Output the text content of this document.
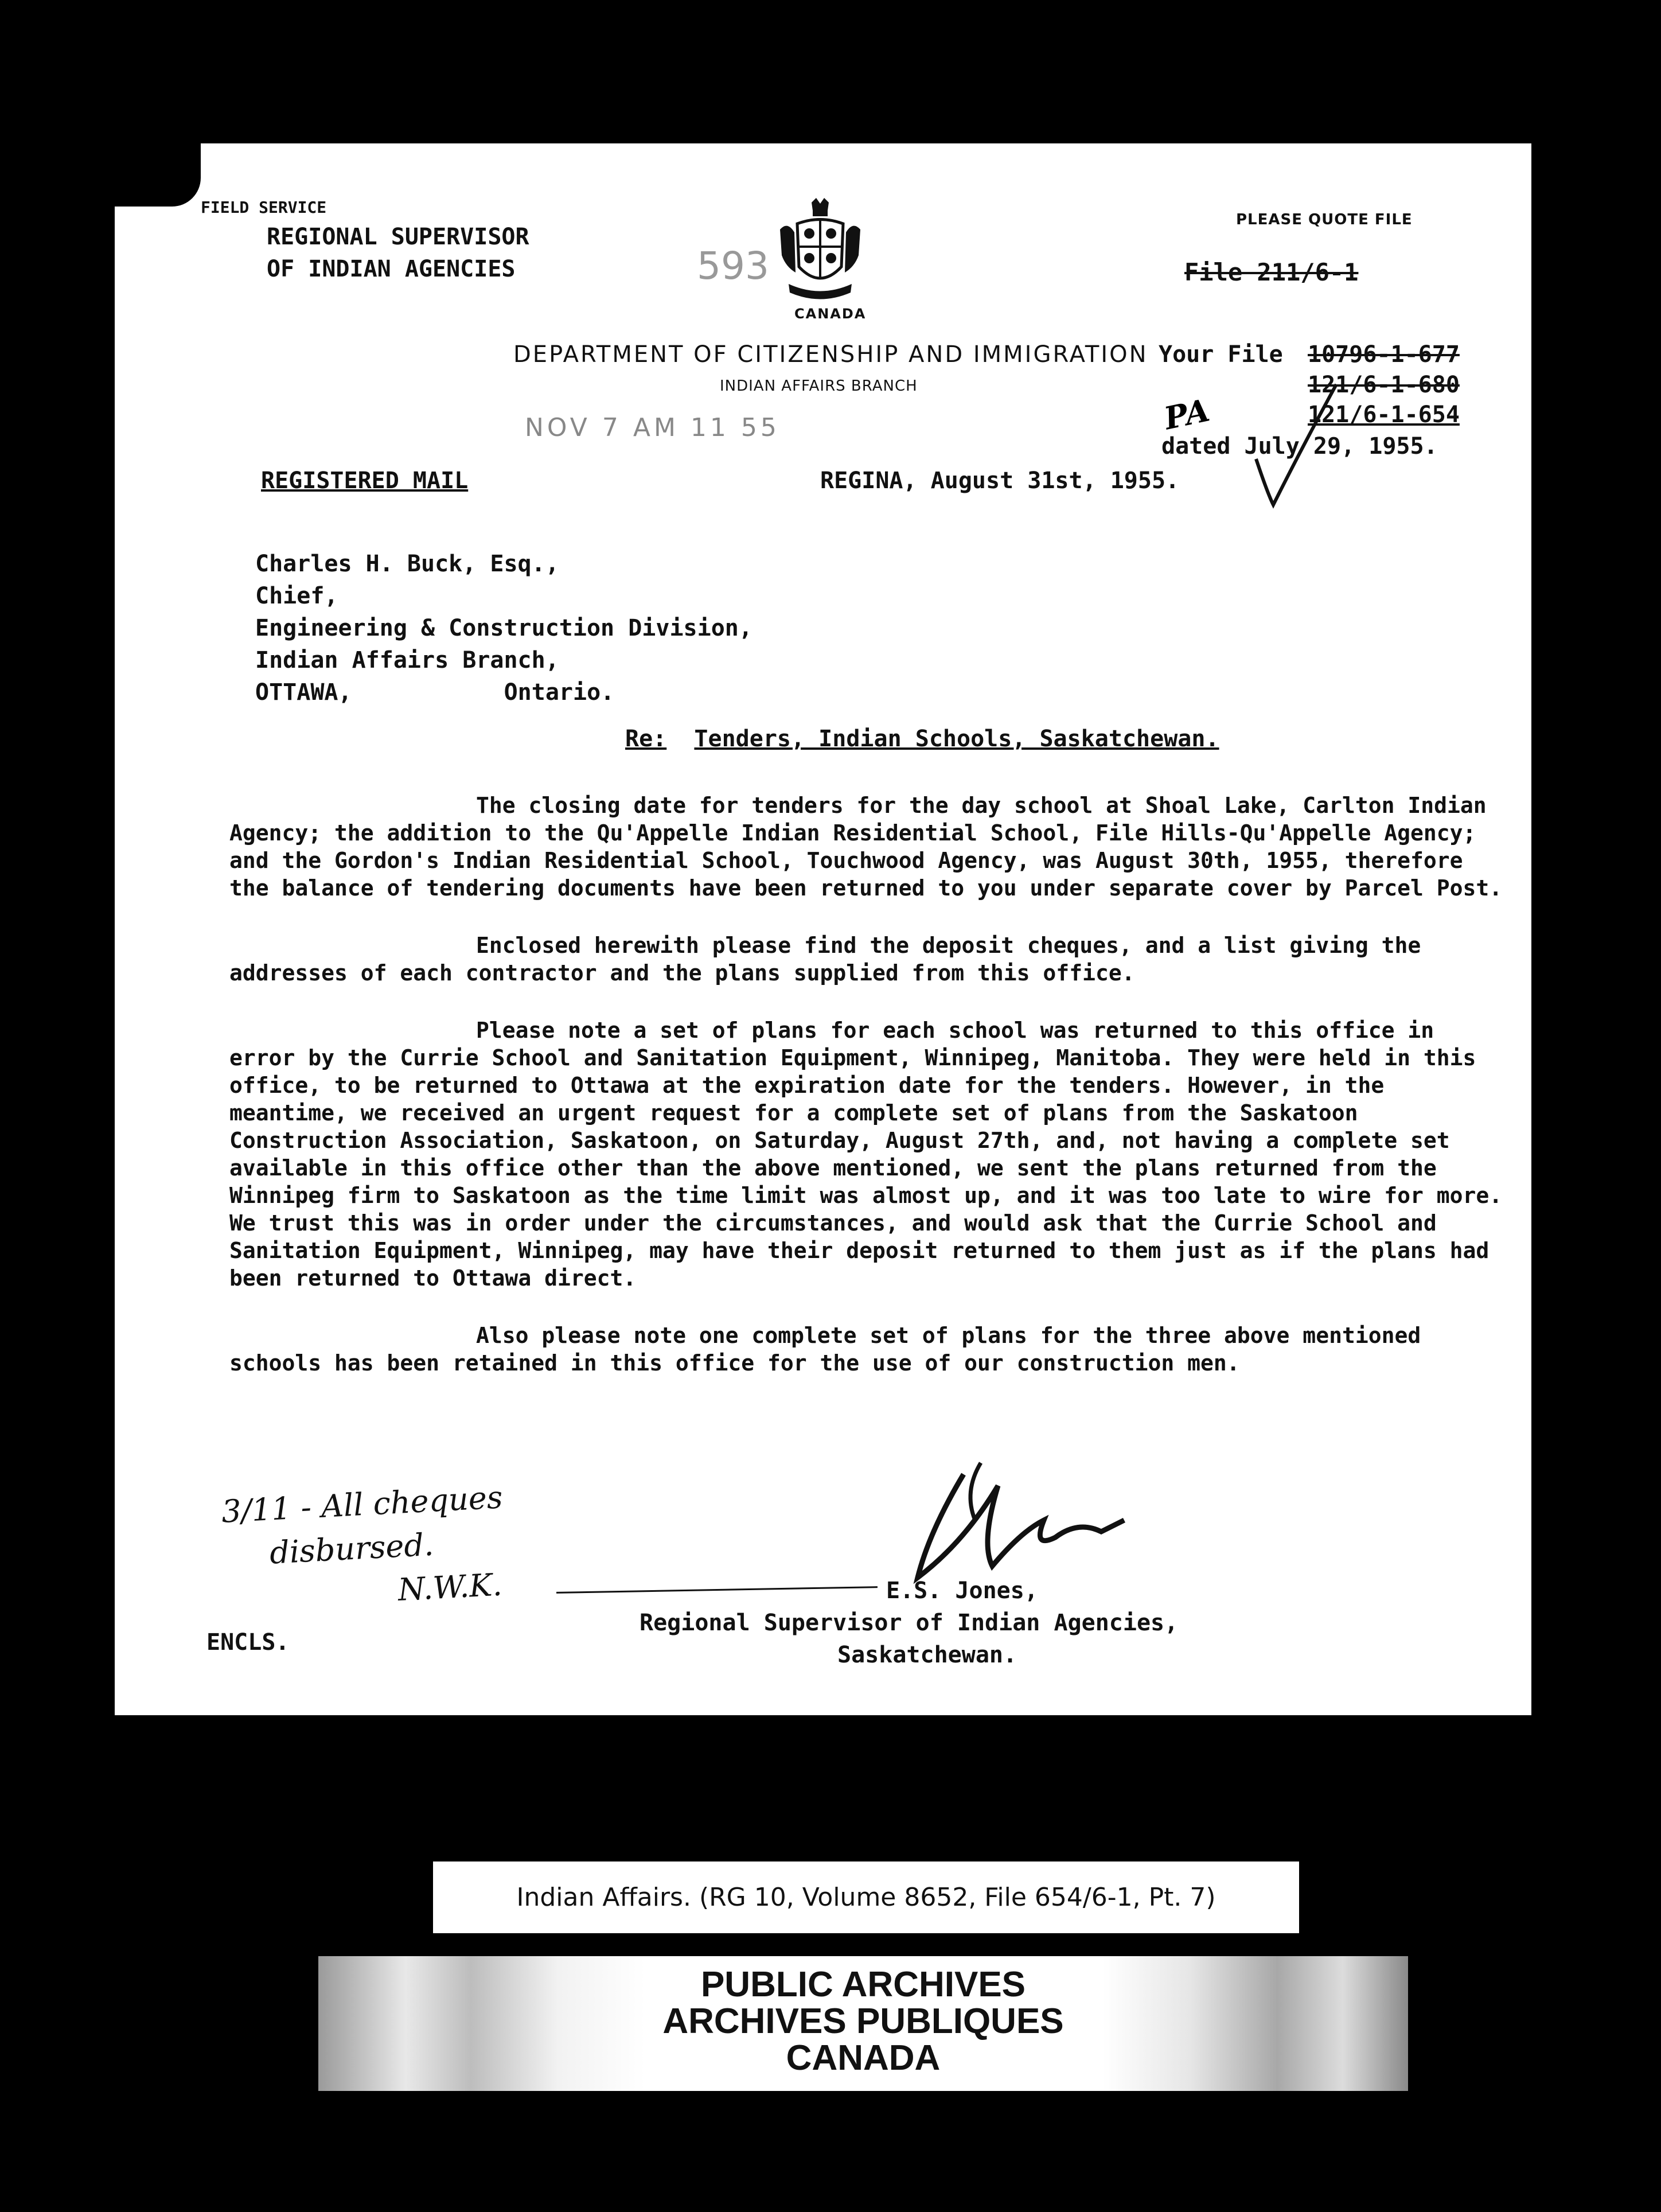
FIELD SERVICE
REGIONAL SUPERVISOR
OF INDIAN AGENCIES	593
CANADA
PLEASE QUOTE FILE
File 211/6-1
DEPARTMENT OF CITIZENSHIP AND IMMIGRATION
INDIAN AFFAIRS BRANCH
Your File 10796-1-677
121/6-1-680
PA	121/6-1-654
dated July 29, 1955.
NOV 7 AM 11 55
REGISTERED MAIL	REGINA, August 31st, 1955.
Charles H. Buck, Esq.,
Chief,
Engineering & Construction Division,
Indian Affairs Branch,
OTTAWA,	Ontario.
Re: Tenders, Indian Schools, Saskatchewan.

The closing date for tenders for the day school at Shoal Lake, Carlton Indian Agency; the addition to the Qu'Appelle Indian Residential School, File Hills-Qu'Appelle Agency; and the Gordon's Indian Residential School, Touchwood Agency, was August 30th, 1955, therefore the balance of tendering documents have been returned to you under separate cover by Parcel Post.

Enclosed herewith please find the deposit cheques, and a list giving the addresses of each contractor and the plans supplied from this office.

Please note a set of plans for each school was returned to this office in error by the Currie School and Sanitation Equipment, Winnipeg, Manitoba. They were held in this office, to be returned to Ottawa at the expiration date for the tenders. However, in the meantime, we received an urgent request for a complete set of plans from the Saskatoon Construction Association, Saskatoon, on Saturday, August 27th, and, not having a complete set available in this office other than the above mentioned, we sent the plans returned from the Winnipeg firm to Saskatoon as the time limit was almost up, and it was too late to wire for more. We trust this was in order under the circumstances, and would ask that the Currie School and Sanitation Equipment, Winnipeg, may have their deposit returned to them just as if the plans had been returned to Ottawa direct.

Also please note one complete set of plans for the three above mentioned schools has been retained in this office for the use of our construction men.

3/11 - All cheques
disbursed.
N.W.K.	E.S. Jones,
Regional Supervisor of Indian Agencies,
Saskatchewan.
ENCLS.
Indian Affairs. (RG 10, Volume 8652, File 654/6-1, Pt. 7)
PUBLIC ARCHIVES
ARCHIVES PUBLIQUES
CANADA
